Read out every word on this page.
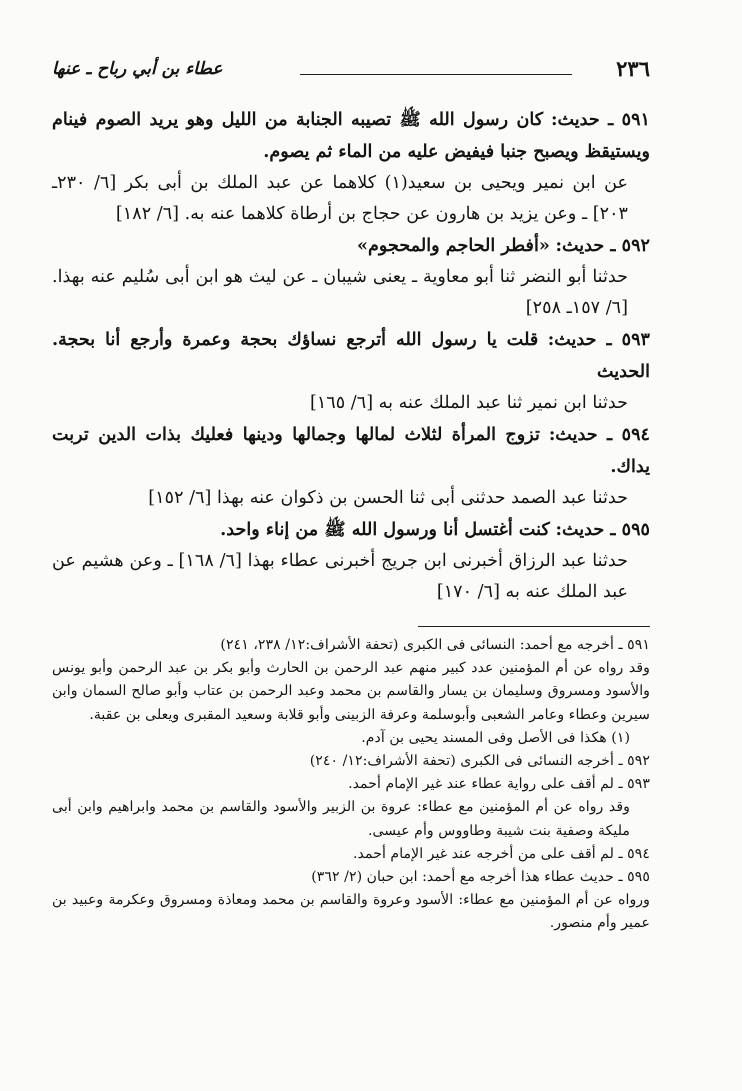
٢٣٦
عطاء بن أبي رباح ـ عنها

٥٩١ ـ حديث: كان رسول الله ﷺ تصيبه الجنابة من الليل وهو يريد الصوم فينام ويستيقظ ويصبح جنبا فيفيض عليه من الماء ثم يصوم.

عن ابن نمير ويحيى بن سعيد(١) كلاهما عن عبد الملك بن أبى بكر [٦/ ٢٣٠ـ ٢٠٣] ـ وعن يزيد بن هارون عن حجاج بن أرطاة كلاهما عنه به. [٦/ ١٨٢]

٥٩٢ ـ حديث: «أفطر الحاجم والمحجوم»

حدثنا أبو النضر ثنا أبو معاوية ـ يعنى شيبان ـ عن ليث هو ابن أبى سُليم عنه بهذا. [٦/ ١٥٧ـ ٢٥٨]

٥٩٣ ـ حديث: قلت يا رسول الله أترجع نساؤك بحجة وعمرة وأرجع أنا بحجة. الحديث

حدثنا ابن نمير ثنا عبد الملك عنه به [٦/ ١٦٥]

٥٩٤ ـ حديث: تزوج المرأة لثلاث لمالها وجمالها ودينها فعليك بذات الدين تربت يداك.

حدثنا عبد الصمد حدثنى أبى ثنا الحسن بن ذكوان عنه بهذا [٦/ ١٥٢]

٥٩٥ ـ حديث: كنت أغتسل أنا ورسول الله ﷺ من إناء واحد.

حدثنا عبد الرزاق أخبرنى ابن جريج أخبرنى عطاء بهذا [٦/ ١٦٨] ـ وعن هشيم عن عبد الملك عنه به [٦/ ١٧٠]

٥٩١ ـ أخرجه مع أحمد: النسائى فى الكبرى (تحفة الأشراف:١٢/ ٢٣٨، ٢٤١)

وقد رواه عن أم المؤمنين عدد كبير منهم عبد الرحمن بن الحارث وأبو بكر بن عبد الرحمن وأبو يونس والأسود ومسروق وسليمان بن يسار والقاسم بن محمد وعبد الرحمن بن عتاب وأبو صالح السمان وابن سيرين وعطاء وعامر الشعبى وأبوسلمة وعرفة الزبينى وأبو قلابة وسعيد المقبرى ويعلى بن عقبة.

(١) هكذا فى الأصل وفى المسند يحيى بن آدم.

٥٩٢ ـ أخرجه النسائى فى الكبرى (تحفة الأشراف:١٢/ ٢٤٠)

٥٩٣ ـ لم أقف على رواية عطاء عند غير الإمام أحمد.

وقد رواه عن أم المؤمنين مع عطاء: عروة بن الزبير والأسود والقاسم بن محمد وابراهيم وابن أبى مليكة وصفية بنت شيبة وطاووس وأم عيسى.

٥٩٤ ـ لم أقف على من أخرجه عند غير الإمام أحمد.

٥٩٥ ـ حديث عطاء هذا أخرجه مع أحمد: ابن حبان (٢/ ٣٦٢)

ورواه عن أم المؤمنين مع عطاء: الأسود وعروة والقاسم بن محمد ومعاذة ومسروق وعكرمة وعبيد بن عمير وأم منصور.
